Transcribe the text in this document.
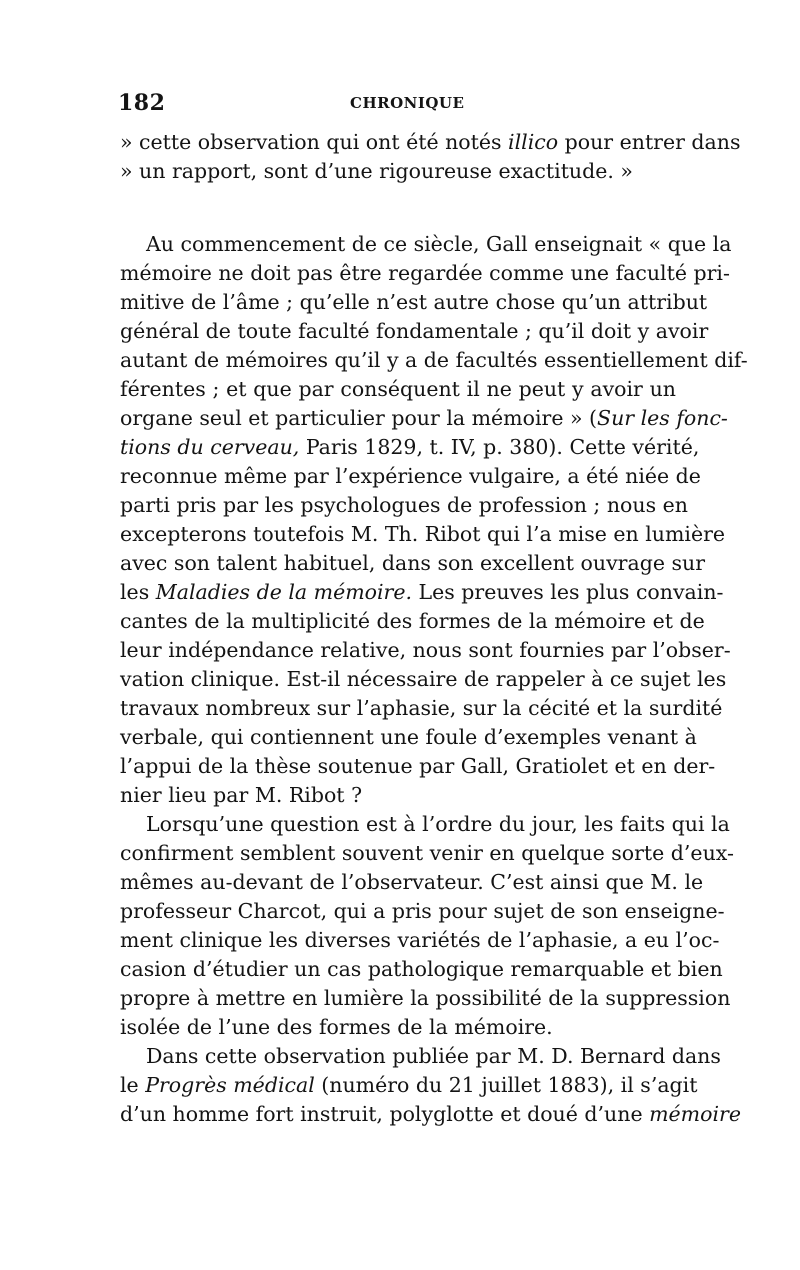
182	CHRONIQUE
» cette observation qui ont été notés illico pour entrer dans
» un rapport, sont d’une rigoureuse exactitude. »
Au commencement de ce siècle, Gall enseignait « que la
mémoire ne doit pas être regardée comme une faculté pri-
mitive de l’âme ; qu’elle n’est autre chose qu’un attribut
général de toute faculté fondamentale ; qu’il doit y avoir
autant de mémoires qu’il y a de facultés essentiellement dif-
férentes ; et que par conséquent il ne peut y avoir un
organe seul et particulier pour la mémoire » (Sur les fonc-
tions du cerveau, Paris 1829, t. IV, p. 380). Cette vérité,
reconnue même par l’expérience vulgaire, a été niée de
parti pris par les psychologues de profession ; nous en
excepterons toutefois M. Th. Ribot qui l’a mise en lumière
avec son talent habituel, dans son excellent ouvrage sur
les Maladies de la mémoire. Les preuves les plus convain-
cantes de la multiplicité des formes de la mémoire et de
leur indépendance relative, nous sont fournies par l’obser-
vation clinique. Est-il nécessaire de rappeler à ce sujet les
travaux nombreux sur l’aphasie, sur la cécité et la surdité
verbale, qui contiennent une foule d’exemples venant à
l’appui de la thèse soutenue par Gall, Gratiolet et en der-
nier lieu par M. Ribot ?
Lorsqu’une question est à l’ordre du jour, les faits qui la
confirment semblent souvent venir en quelque sorte d’eux-
mêmes au-devant de l’observateur. C’est ainsi que M. le
professeur Charcot, qui a pris pour sujet de son enseigne-
ment clinique les diverses variétés de l’aphasie, a eu l’oc-
casion d’étudier un cas pathologique remarquable et bien
propre à mettre en lumière la possibilité de la suppression
isolée de l’une des formes de la mémoire.
Dans cette observation publiée par M. D. Bernard dans
le Progrès médical (numéro du 21 juillet 1883), il s’agit
d’un homme fort instruit, polyglotte et doué d’une mémoire
